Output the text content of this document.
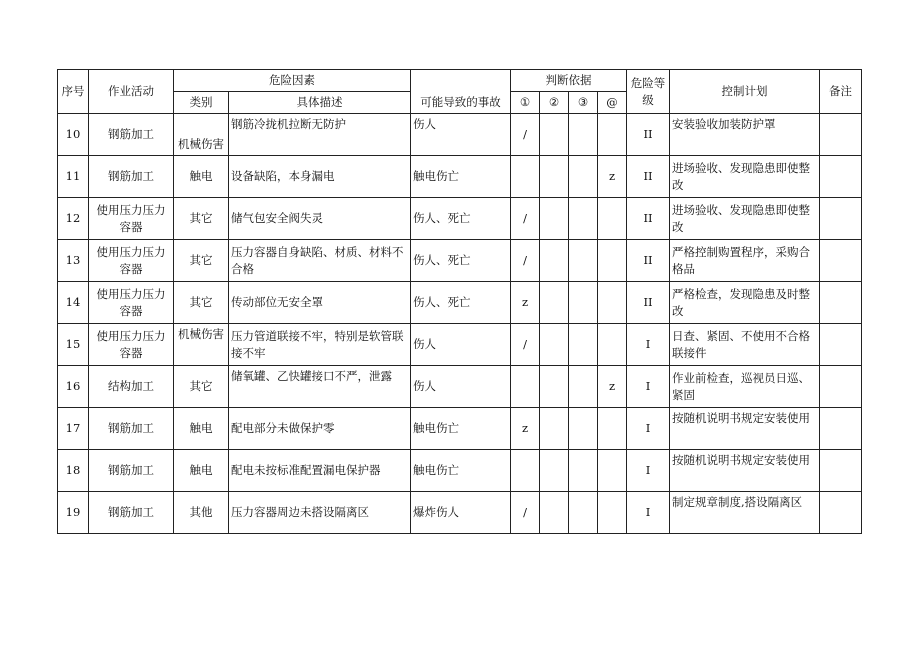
序号	作业活动	危险因素		可能导致的事故	判断依据				危险等级	控制计划	备注
		类别	具体描述		①	②	③	@			
10	钢筋加工	机械伤害	钢筋冷拢机拉断无防护	伤人	/				II	安装验收加装防护罩	
11	钢筋加工	触电	设备缺陷，本身漏电	触电伤亡				z	II	进场验收、发现隐患即使整改	
12	使用压力压力容器	其它	储气包安全阀失灵	伤人、死亡	/				II	进场验收、发现隐患即使整改	
13	使用压力压力容器	其它	压力容器自身缺陷、材质、材料不合格	伤人、死亡	/				II	严格控制购置程序，采购合格品	
14	使用压力压力容器	其它	传动部位无安全罩	伤人、死亡	z				II	严格检查，发现隐患及时整改	
15	使用压力压力容器	机械伤害	压力管道联接不牢，特别是软管联接不牢	伤人	/				I	日查、紧固、不使用不合格联接件	
16	结构加工	其它	储氧罐、乙快罐接口不严，泄露	伤人				z	I	作业前检查，巡视员日巡、紧固	
17	钢筋加工	触电	配电部分未做保护零	触电伤亡	z				I	按随机说明书规定安装使用	
18	钢筋加工	触电	配电未按标准配置漏电保护器	触电伤亡					I	按随机说明书规定安装使用	
19	钢筋加工	其他	压力容器周边未搭设隔离区	爆炸伤人	/				I	制定规章制度,搭设隔离区	
